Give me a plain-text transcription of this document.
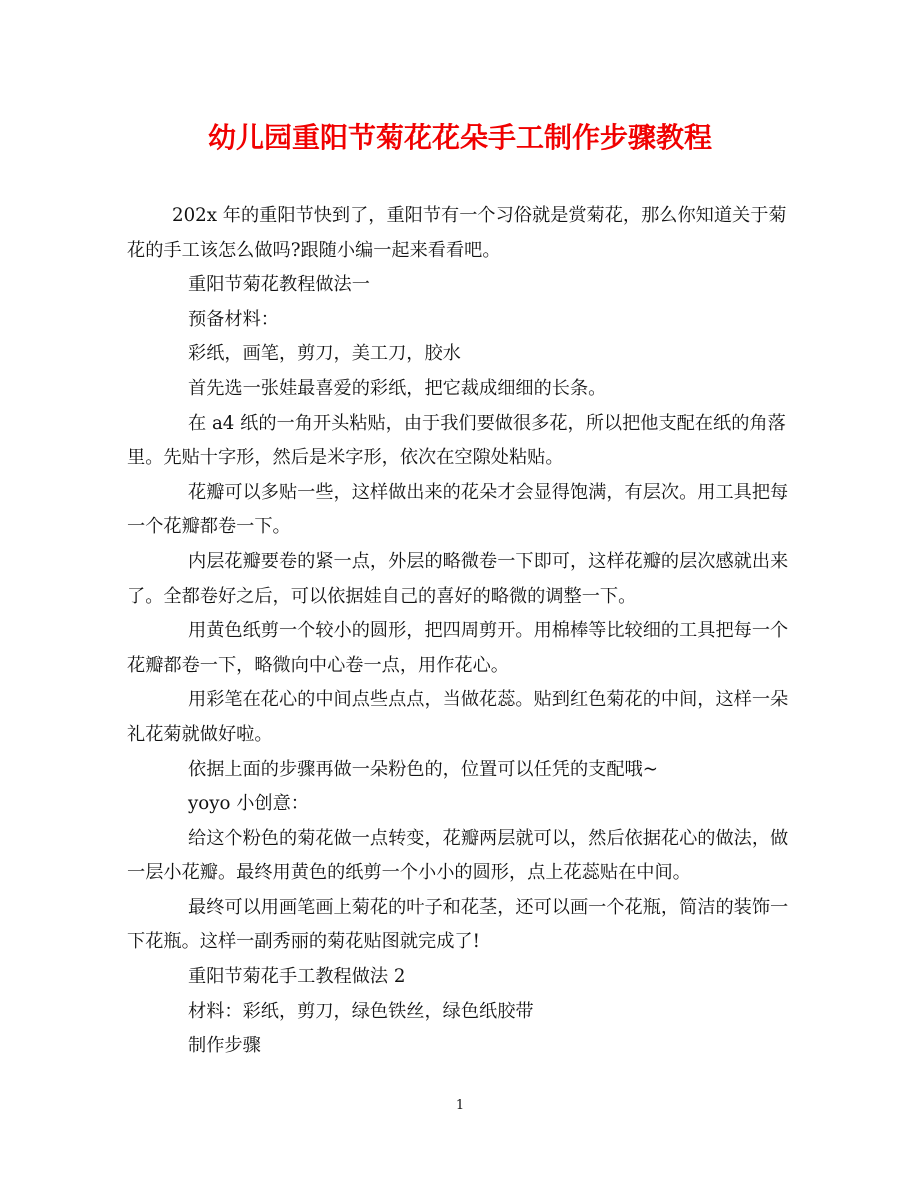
幼儿园重阳节菊花花朵手工制作步骤教程
202x 年的重阳节快到了，重阳节有一个习俗就是赏菊花，那么你知道关于菊
花的手工该怎么做吗?跟随小编一起来看看吧。
重阳节菊花教程做法一
预备材料：
彩纸，画笔，剪刀，美工刀，胶水
首先选一张娃最喜爱的彩纸，把它裁成细细的长条。
在 a4 纸的一角开头粘贴，由于我们要做很多花，所以把他支配在纸的角落
里。先贴十字形，然后是米字形，依次在空隙处粘贴。
花瓣可以多贴一些，这样做出来的花朵才会显得饱满，有层次。用工具把每
一个花瓣都卷一下。
内层花瓣要卷的紧一点，外层的略微卷一下即可，这样花瓣的层次感就出来
了。全都卷好之后，可以依据娃自己的喜好的略微的调整一下。
用黄色纸剪一个较小的圆形，把四周剪开。用棉棒等比较细的工具把每一个
花瓣都卷一下，略微向中心卷一点，用作花心。
用彩笔在花心的中间点些点点，当做花蕊。贴到红色菊花的中间，这样一朵
礼花菊就做好啦。
依据上面的步骤再做一朵粉色的，位置可以任凭的支配哦~
yoyo 小创意：
给这个粉色的菊花做一点转变，花瓣两层就可以，然后依据花心的做法，做
一层小花瓣。最终用黄色的纸剪一个小小的圆形，点上花蕊贴在中间。
最终可以用画笔画上菊花的叶子和花茎，还可以画一个花瓶，简洁的装饰一
下花瓶。这样一副秀丽的菊花贴图就完成了!
重阳节菊花手工教程做法 2
材料：彩纸，剪刀，绿色铁丝，绿色纸胶带
制作步骤
1
